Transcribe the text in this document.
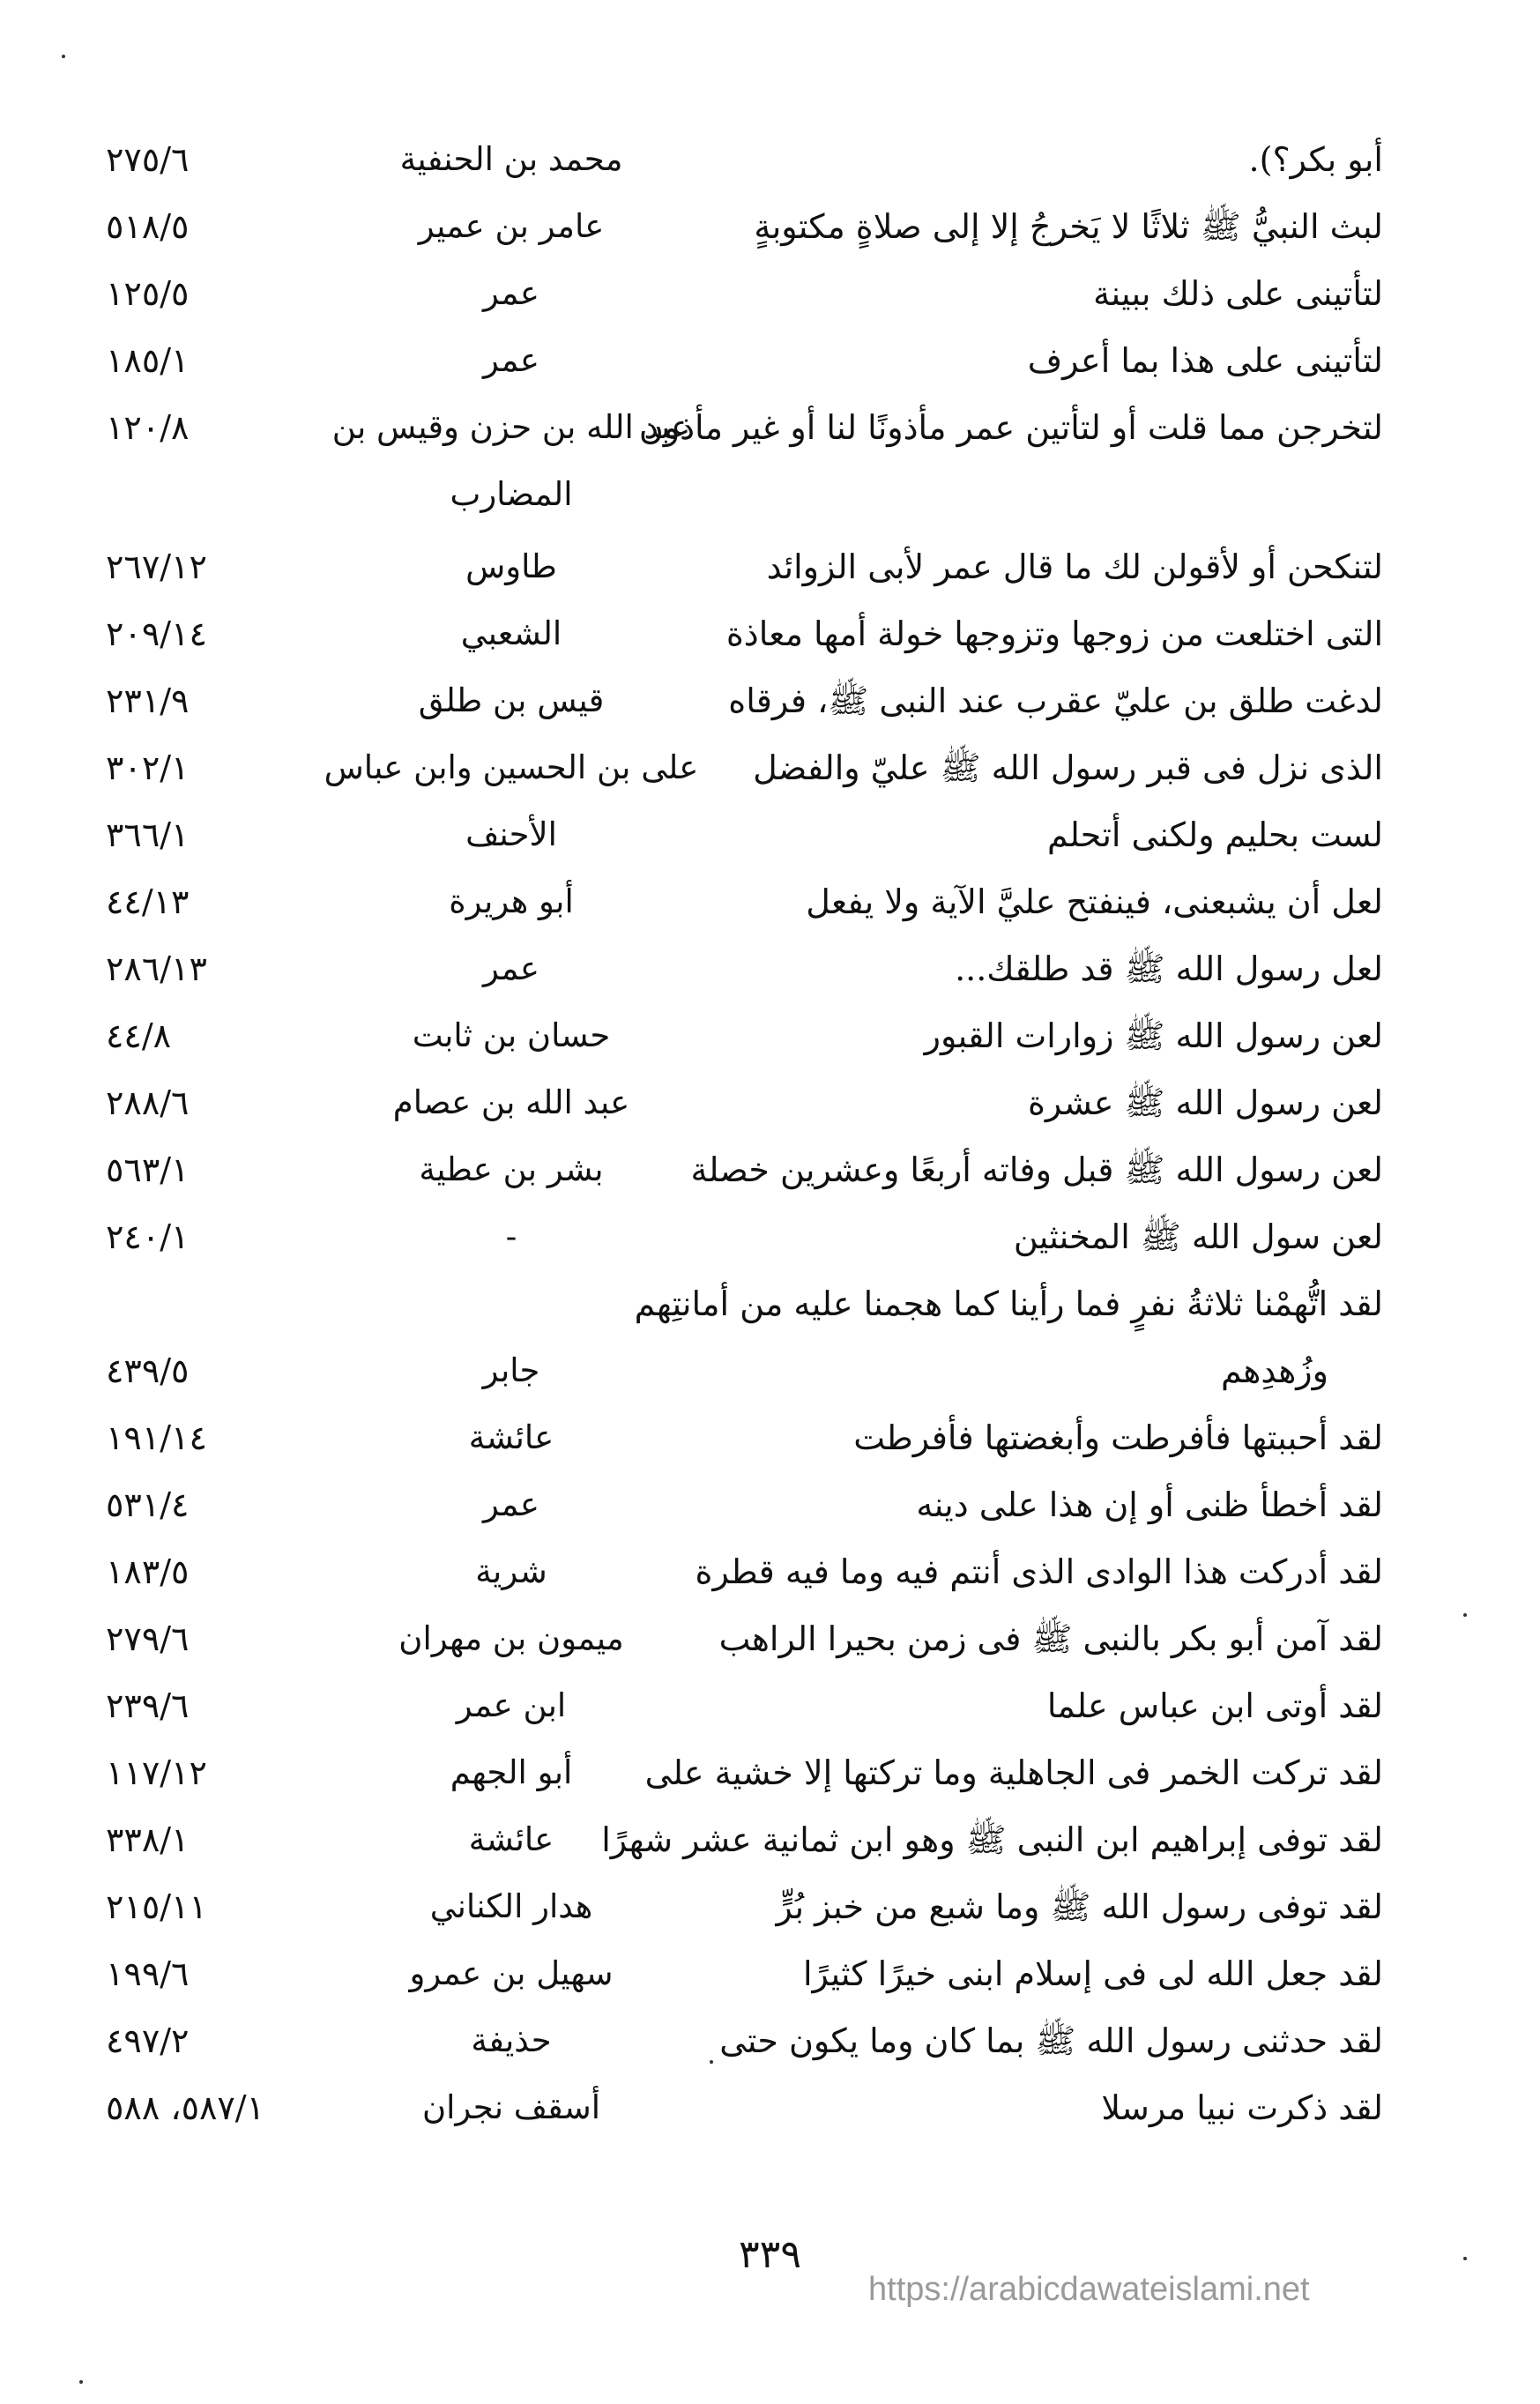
أبو بكر؟).
محمد بن الحنفية
٢٧٥/٦
لبث النبيُّ ﷺ ثلاثًا لا يَخرجُ إلا إلى صلاةٍ مكتوبةٍ
عامر بن عمير
٥١٨/٥
لتأتينى على ذلك ببينة
عمر
١٢٥/٥
لتأتينى على هذا بما أعرف
عمر
١٨٥/١
لتخرجن مما قلت أو لتأتين عمر مأذونًا لنا أو غير مأذون
عبد الله بن حزن وقيس بن
١٢٠/٨
المضارب
لتنكحن أو لأقولن لك ما قال عمر لأبى الزوائد
طاوس
٢٦٧/١٢
التى اختلعت من زوجها وتزوجها خولة أمها معاذة
الشعبي
٢٠٩/١٤
لدغت طلق بن عليّ عقرب عند النبى ﷺ، فرقاه
قيس بن طلق
٢٣١/٩
الذى نزل فى قبر رسول الله ﷺ عليّ والفضل
على بن الحسين وابن عباس
٣٠٢/١
لست بحليم ولكنى أتحلم
الأحنف
٣٦٦/١
لعل أن يشبعنى، فينفتح عليَّ الآية ولا يفعل
أبو هريرة
٤٤/١٣
لعل رسول الله ﷺ قد طلقك...
عمر
٢٨٦/١٣
لعن رسول الله ﷺ زوارات القبور
حسان بن ثابت
٤٤/٨
لعن رسول الله ﷺ عشرة
عبد الله بن عصام
٢٨٨/٦
لعن رسول الله ﷺ قبل وفاته أربعًا وعشرين خصلة
بشر بن عطية
٥٦٣/١
لعن سول الله ﷺ المخنثين
-
٢٤٠/١
لقد اتُّهمْنا ثلاثةُ نفرٍ فما رأينا كما هجمنا عليه من أمانتِهم
وزُهدِهم
جابر
٤٣٩/٥
لقد أحببتها فأفرطت وأبغضتها فأفرطت
عائشة
١٩١/١٤
لقد أخطأ ظنى أو إن هذا على دينه
عمر
٥٣١/٤
لقد أدركت هذا الوادى الذى أنتم فيه وما فيه قطرة
شرية
١٨٣/٥
لقد آمن أبو بكر بالنبى ﷺ فى زمن بحيرا الراهب
ميمون بن مهران
٢٧٩/٦
لقد أوتى ابن عباس علما
ابن عمر
٢٣٩/٦
لقد تركت الخمر فى الجاهلية وما تركتها إلا خشية على
أبو الجهم
١١٧/١٢
لقد توفى إبراهيم ابن النبى ﷺ وهو ابن ثمانية عشر شهرًا
عائشة
٣٣٨/١
لقد توفى رسول الله ﷺ وما شبع من خبز بُرٍّ
هدار الكناني
٢١٥/١١
لقد جعل الله لى فى إسلام ابنى خيرًا كثيرًا
سهيل بن عمرو
١٩٩/٦
لقد حدثنى رسول الله ﷺ بما كان وما يكون حتى
حذيفة
٤٩٧/٢
لقد ذكرت نبيا مرسلا
أسقف نجران
٥٨٧/١، ٥٨٨
٣٣٩
https://arabicdawateislami.net
